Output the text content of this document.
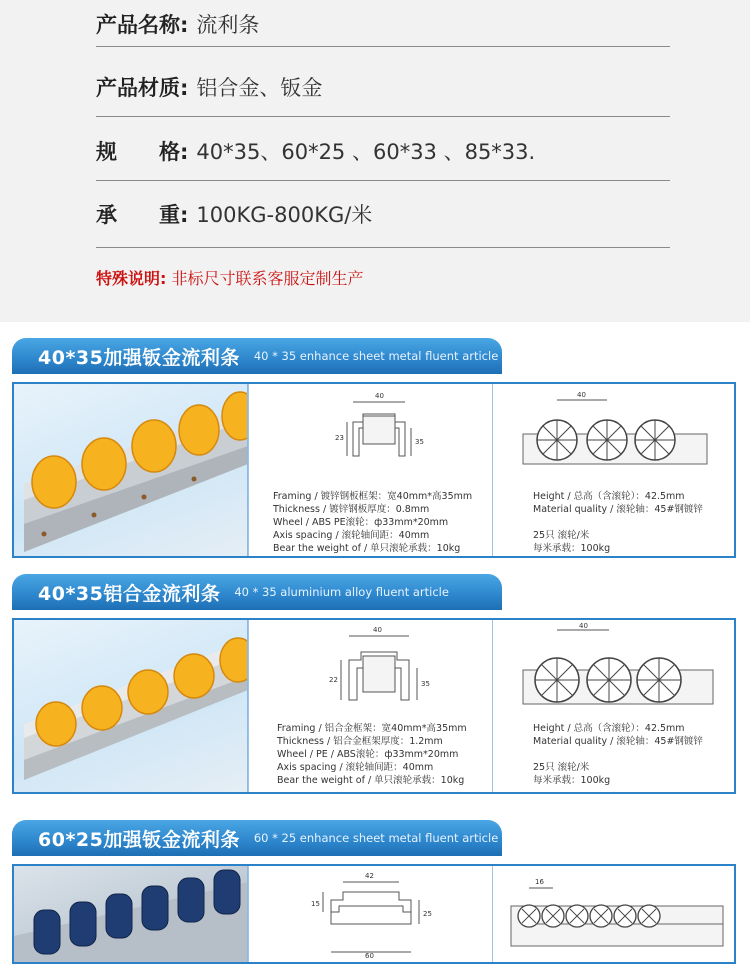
产品名称: 流利条
产品材质: 铝合金、钣金
规　　格: 40*35、60*25 、60*33 、85*33.
承　　重: 100KG-800KG/米
特殊说明: 非标尺寸联系客服定制生产
40*35加强钣金流利条 40 * 35 enhance sheet metal fluent article
40
35
23
Framing / 镀锌钢板框架：宽40mm*高35mm
Thickness / 镀锌钢板厚度：0.8mm
Wheel / ABS PE滚轮：ф33mm*20mm
Axis spacing / 滚轮轴间距：40mm
Bear the weight of / 单只滚轮承载：10kg
40
Height / 总高（含滚轮）：42.5mm
Material quality / 滚轮轴：45#钢镀锌
25只 滚轮/米
每米承载：100kg
40*35铝合金流利条 40 * 35 aluminium alloy fluent article
40
35
22
Framing / 铝合金框架：宽40mm*高35mm
Thickness / 铝合金框架厚度：1.2mm
Wheel / PE / ABS滚轮：ф33mm*20mm
Axis spacing / 滚轮轴间距：40mm
Bear the weight of / 单只滚轮承载：10kg
40
Height / 总高（含滚轮）：42.5mm
Material quality / 滚轮轴：45#钢镀锌
25只 滚轮/米
每米承载：100kg
60*25加强钣金流利条 60 * 25 enhance sheet metal fluent article
42
15
25
60
16
